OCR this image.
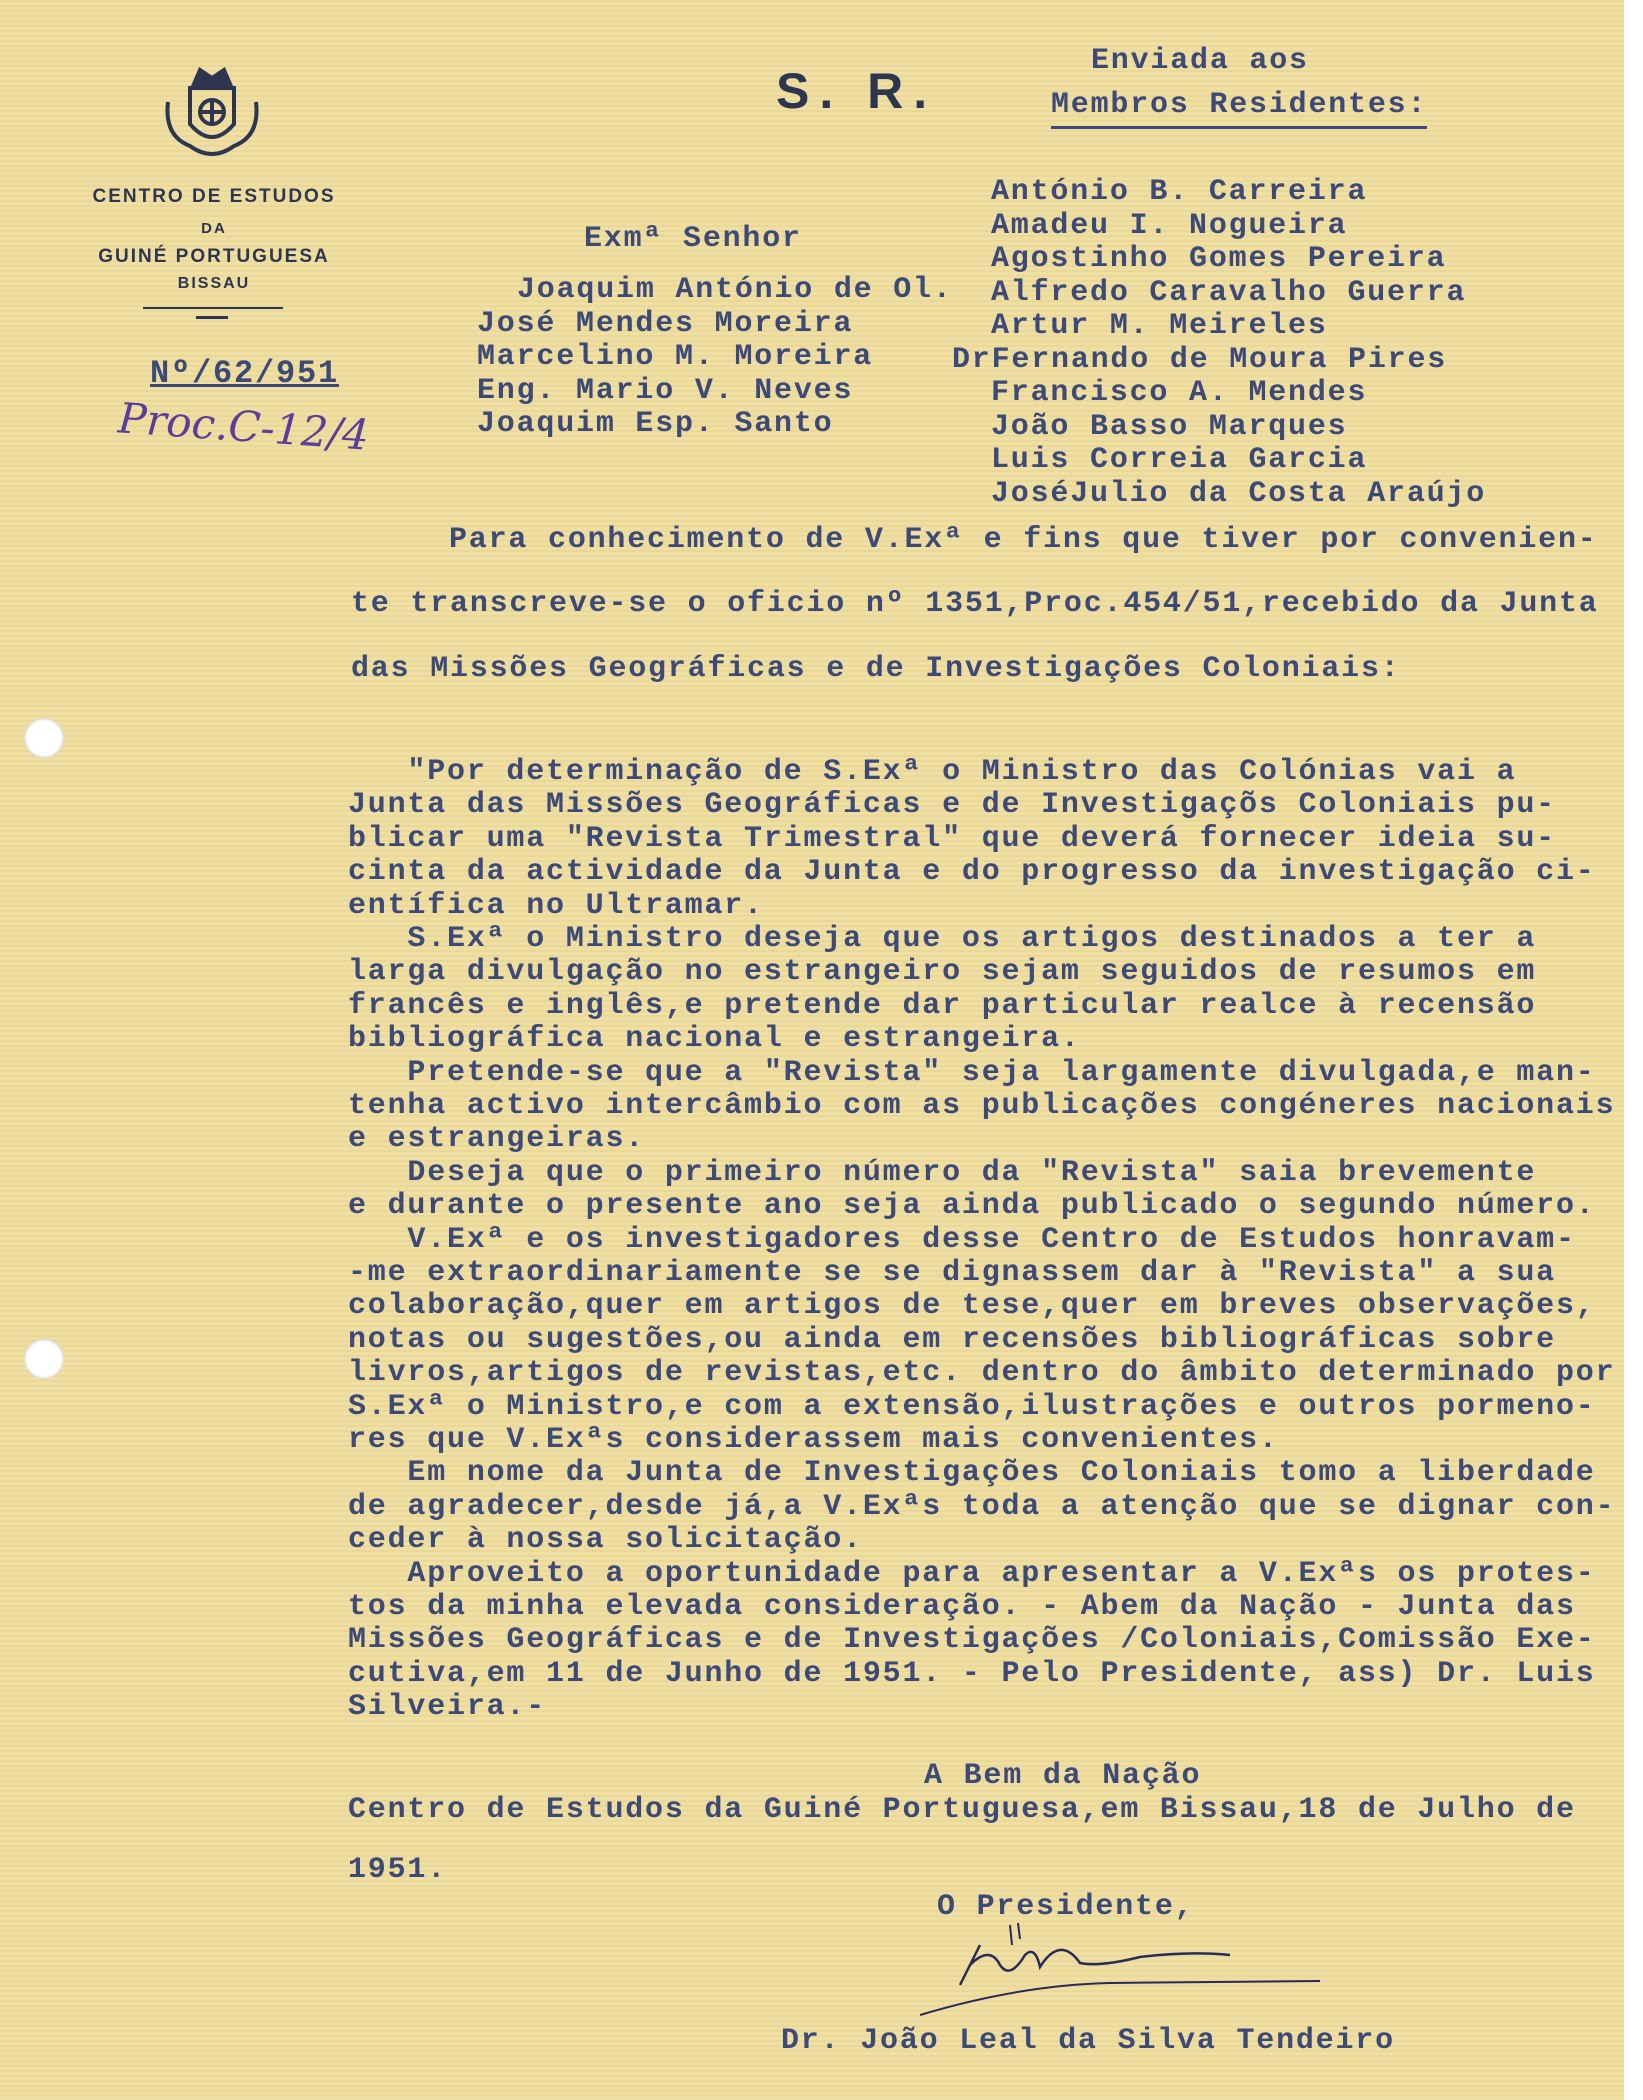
CENTRO DE ESTUDOS
DA
GUINÉ PORTUGUESA
BISSAU
Nº/62/951
Proc.C-12/4
S. R.
Enviada aos
Membros Residentes:
Exmª Senhor
Joaquim António de Ol.
José Mendes Moreira
Marcelino M. Moreira
Eng. Mario V. Neves
Joaquim Esp. Santo
António B. Carreira
Amadeu I. Nogueira
Agostinho Gomes Pereira
Alfredo Caravalho Guerra
Artur M. Meireles
DrFernando de Moura Pires
Francisco A. Mendes
João Basso Marques
Luis Correia Garcia
JoséJulio da Costa Araújo
Para conhecimento de V.Exª e fins que tiver por convenien-
te transcreve-se o oficio nº 1351,Proc.454/51,recebido da Junta
das Missões Geográficas e de Investigações Coloniais:
"Por determinação de S.Exª o Ministro das Colónias vai a
Junta das Missões Geográficas e de Investigaçõs Coloniais pu-
blicar uma "Revista Trimestral" que deverá fornecer ideia su-
cinta da actividade da Junta e do progresso da investigação ci-
entífica no Ultramar.
S.Exª o Ministro deseja que os artigos destinados a ter a
larga divulgação no estrangeiro sejam seguidos de resumos em
francês e inglês,e pretende dar particular realce à recensão
bibliográfica nacional e estrangeira.
Pretende-se que a "Revista" seja largamente divulgada,e man-
tenha activo intercâmbio com as publicações congéneres nacionais
e estrangeiras.
Deseja que o primeiro número da "Revista" saia brevemente
e durante o presente ano seja ainda publicado o segundo número.
V.Exª e os investigadores desse Centro de Estudos honravam-
-me extraordinariamente se se dignassem dar à "Revista" a sua
colaboração,quer em artigos de tese,quer em breves observações,
notas ou sugestões,ou ainda em recensões bibliográficas sobre
livros,artigos de revistas,etc. dentro do âmbito determinado por
S.Exª o Ministro,e com a extensão,ilustrações e outros pormeno-
res que V.Exªs considerassem mais convenientes.
Em nome da Junta de Investigações Coloniais tomo a liberdade
de agradecer,desde já,a V.Exªs toda a atenção que se dignar con-
ceder à nossa solicitação.
Aproveito a oportunidade para apresentar a V.Exªs os protes-
tos da minha elevada consideração. - Abem da Nação - Junta das
Missões Geográficas e de Investigações /Coloniais,Comissão Exe-
cutiva,em 11 de Junho de 1951. - Pelo Presidente, ass) Dr. Luis
Silveira.-
A Bem da Nação
Centro de Estudos da Guiné Portuguesa,em Bissau,18 de Julho de
1951.
O Presidente,
Dr. João Leal da Silva Tendeiro
